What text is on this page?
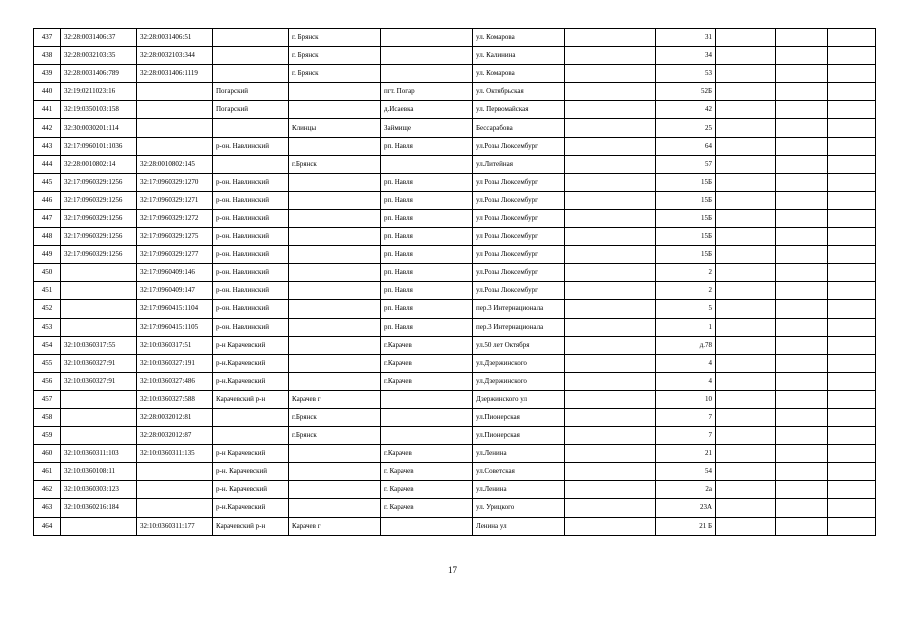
437	32:28:0031406:37	32:28:0031406:51		г. Брянск		ул. Комарова		31			
438	32:28:0032103:35	32:28:0032103:344		г. Брянск		ул. Калинина		34			
439	32:28:0031406:789	32:28:0031406:1119		г. Брянск		ул. Комарова		53			
440	32:19:0211023:16		Погарский		пгт. Погар	ул. Октябрьская		52Б			
441	32:19:0350103:158		Погарский		д.Исаевка	ул. Первомайская		42			
442	32:30:0030201:114			Клинцы	Займище	Бессарабова		25			
443	32:17:0960101:1036		р-он. Навлинский		рп. Навля	ул.Розы Люксембург		64			
444	32:28:0010802:14	32:28:0010802:145		г.Брянск		ул.Литейная		57			
445	32:17:0960329:1256	32:17:0960329:1270	р-он. Навлинский		рп. Навля	ул Розы Люксембург		15Б			
446	32:17:0960329:1256	32:17:0960329:1271	р-он. Навлинский		рп. Навля	ул.Розы Люксембург		15Б			
447	32:17:0960329:1256	32:17:0960329:1272	р-он. Навлинский		рп. Навля	ул Розы Люксембург		15Б			
448	32:17:0960329:1256	32:17:0960329:1275	р-он. Навлинский		рп. Навля	ул Розы Люксембург		15Б			
449	32:17:0960329:1256	32:17:0960329:1277	р-он. Навлинский		рп. Навля	ул Розы Люксембург		15Б			
450		32:17:0960409:146	р-он. Навлинский		рп. Навля	ул.Розы Люксембург		2			
451		32:17:0960409:147	р-он. Навлинский		рп. Навля	ул.Розы Люксембург		2			
452		32:17:0960415:1104	р-он. Навлинский		рп. Навля	пер.3 Интернационала		5			
453		32:17:0960415:1105	р-он. Навлинский		рп. Навля	пер.3 Интернационала		1			
454	32:10:0360317:55	32:10:0360317:51	р-н Карачевский		г.Карачев	ул.50 лет Октября		д.78			
455	32:10:0360327:91	32:10:0360327:191	р-н.Карачевский		г.Карачев	ул.Дзержинского		4			
456	32:10:0360327:91	32:10:0360327:486	р-н.Карачевский		г.Карачев	ул.Дзержинского		4			
457		32:10:0360327:588	Карачевский р-н	Карачев г		Дзержинского ул		10			
458		32:28:0032012:81		г.Брянск		ул.Пионерская		7			
459		32:28:0032012:87		г.Брянск		ул.Пионерская		7			
460	32:10:0360311:103	32:10:0360311:135	р-н Карачевский		г.Карачев	ул.Ленина		21			
461	32:10:0360108:11		р-н. Карачевский		г. Карачев	ул.Советская		54			
462	32:10:0360303:123		р-н. Карачевский		г. Карачев	ул.Ленина		2а			
463	32:10:0360216:184		р-н.Карачевский		г. Карачев	ул. Урицкого		23А			
464		32:10:0360311:177	Карачевский р-н	Карачев г		Ленина ул		21 Б			
17
